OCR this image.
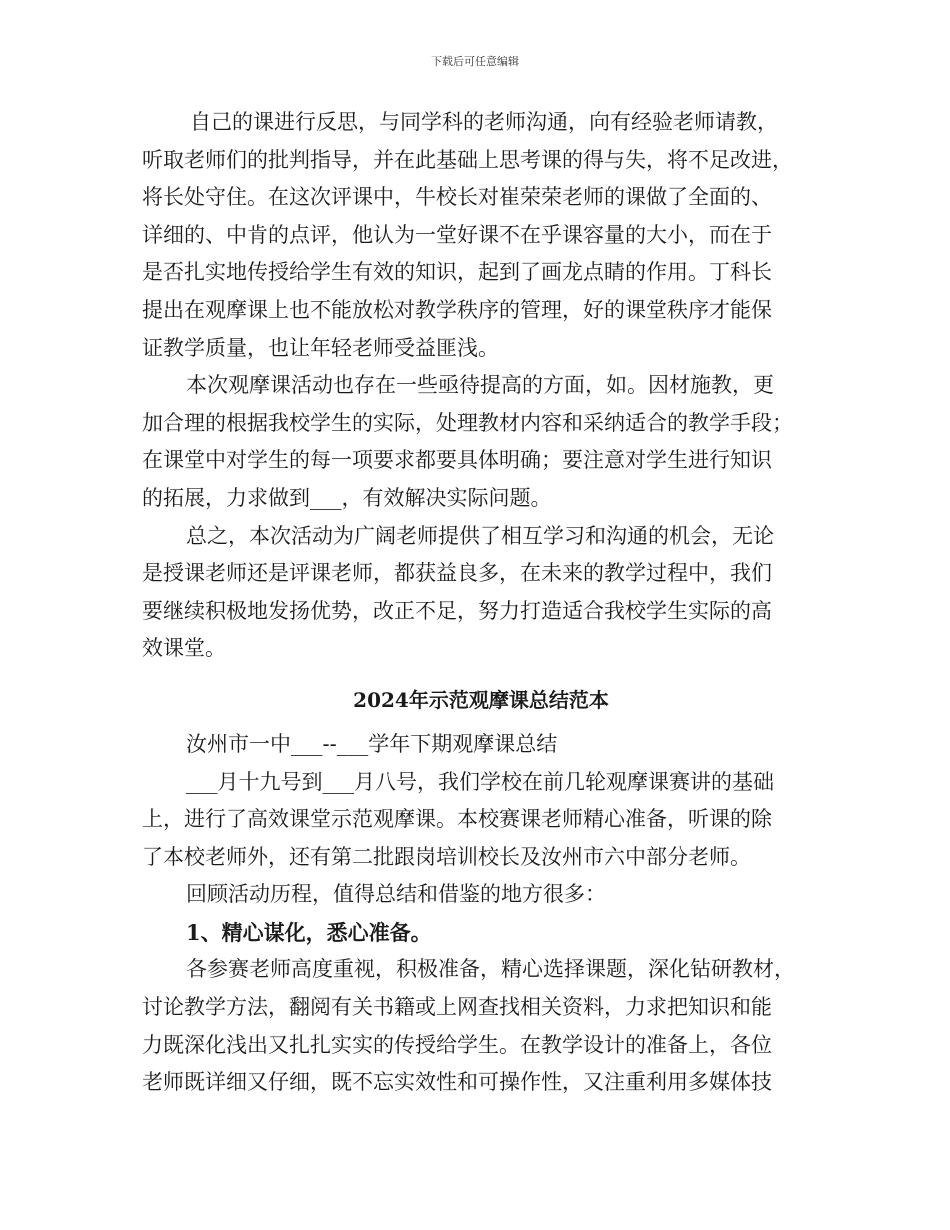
下载后可任意编辑
自己的课进行反思，与同学科的老师沟通，向有经验老师请教，
听取老师们的批判指导，并在此基础上思考课的得与失，将不足改进，
将长处守住。在这次评课中，牛校长对崔荣荣老师的课做了全面的、
详细的、中肯的点评，他认为一堂好课不在乎课容量的大小，而在于
是否扎实地传授给学生有效的知识，起到了画龙点睛的作用。丁科长
提出在观摩课上也不能放松对教学秩序的管理，好的课堂秩序才能保
证教学质量，也让年轻老师受益匪浅。
本次观摩课活动也存在一些亟待提高的方面，如。因材施教，更
加合理的根据我校学生的实际，处理教材内容和采纳适合的教学手段；
在课堂中对学生的每一项要求都要具体明确；要注意对学生进行知识
的拓展，力求做到___，有效解决实际问题。
总之，本次活动为广阔老师提供了相互学习和沟通的机会，无论
是授课老师还是评课老师，都获益良多，在未来的教学过程中，我们
要继续积极地发扬优势，改正不足，努力打造适合我校学生实际的高
效课堂。
2024年示范观摩课总结范本
汝州市一中___--___学年下期观摩课总结
___月十九号到___月八号，我们学校在前几轮观摩课赛讲的基础
上，进行了高效课堂示范观摩课。本校赛课老师精心准备，听课的除
了本校老师外，还有第二批跟岗培训校长及汝州市六中部分老师。
回顾活动历程，值得总结和借鉴的地方很多：
1、精心谋化，悉心准备。
各参赛老师高度重视，积极准备，精心选择课题，深化钻研教材，
讨论教学方法，翻阅有关书籍或上网查找相关资料，力求把知识和能
力既深化浅出又扎扎实实的传授给学生。在教学设计的准备上，各位
老师既详细又仔细，既不忘实效性和可操作性，又注重利用多媒体技
